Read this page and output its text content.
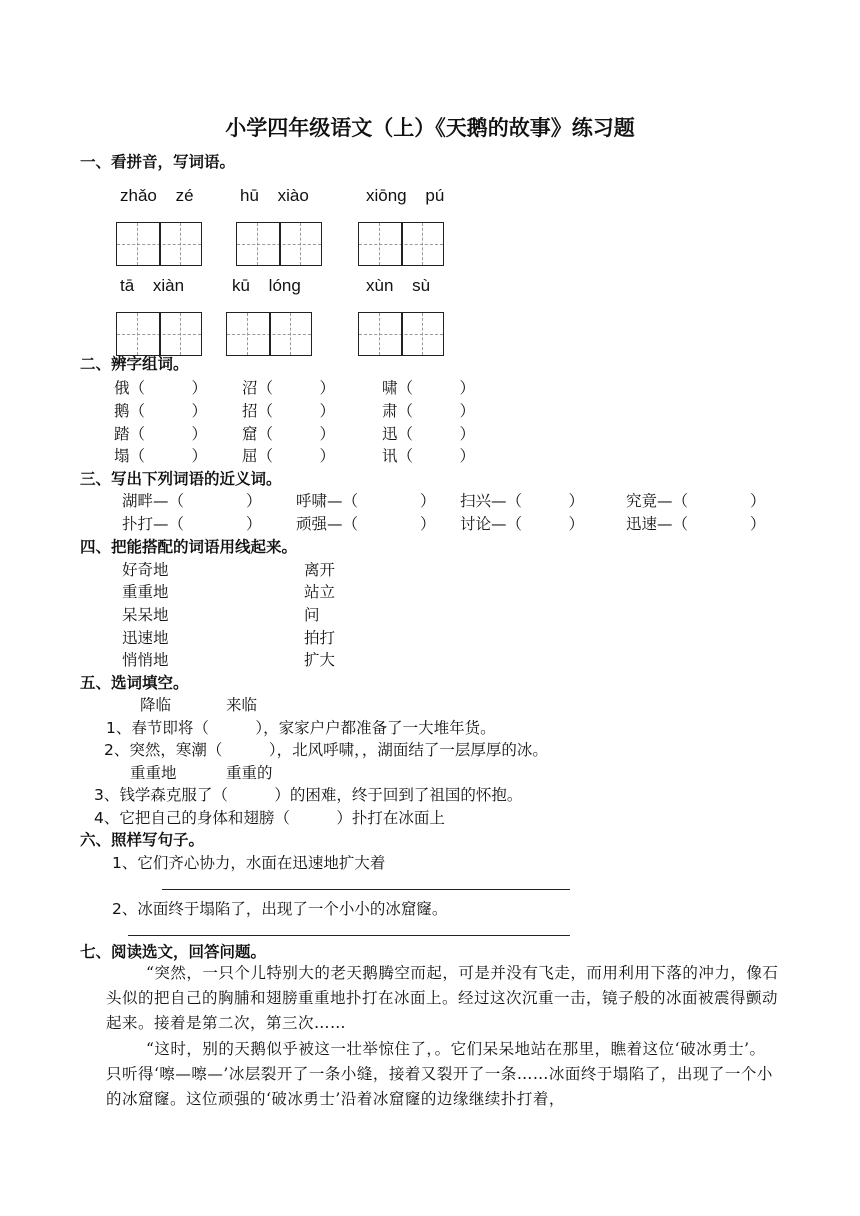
小学四年级语文（上）《天鹅的故事》练习题
一、看拼音，写词语。
zhǎo zé	hū xiào	xiōng pú
tā xiàn	kū lóng	xùn sù
二、辨字组词。
俄（　　　） 沼（　　　）	啸（　　　）
鹅（　　　） 招（　　　）	肃（　　　）
踏（　　　） 窟（　　　）	迅（　　　）
塌（　　　） 屈（　　　）	讯（　　　）
三、写出下列词语的近义词。
湖畔—（　　　　） 呼啸—（　　　　） 扫兴—（　　　）	究竟—（　　　　）
扑打—（　　　　） 顽强—（　　　　） 讨论—（　　　）	迅速—（　　　　）
四、把能搭配的词语用线起来。
好奇地
重重地
呆呆地
迅速地
悄悄地
离开
站立
问
拍打
扩大
五、选词填空。
降临	来临
1、春节即将（　　　），家家户户都准备了一大堆年货。
2、突然，寒潮（　　　），北风呼啸，，湖面结了一层厚厚的冰。
重重地	重重的
3、钱学森克服了（　　　）的困难，终于回到了祖国的怀抱。
4、它把自己的身体和翅膀（　　　）扑打在冰面上
六、照样写句子。
1、它们齐心协力，水面在迅速地扩大着
2、冰面终于塌陷了，出现了一个小小的冰窟窿。
七、阅读选文，回答问题。
“突然，一只个儿特别大的老天鹅腾空而起，可是并没有飞走，而用利用下落的冲力，像石头似的把自己的胸脯和翅膀重重地扑打在冰面上。经过这次沉重一击，镜子般的冰面被震得颤动起来。接着是第二次，第三次……
“这时，别的天鹅似乎被这一壮举惊住了，。它们呆呆地站在那里，瞧着这位‘破冰勇士’。 只听得‘嚓—嚓—’冰层裂开了一条小缝，接着又裂开了一条……冰面终于塌陷了，出现了一个小的冰窟窿。这位顽强的‘破冰勇士’沿着冰窟窿的边缘继续扑打着，
